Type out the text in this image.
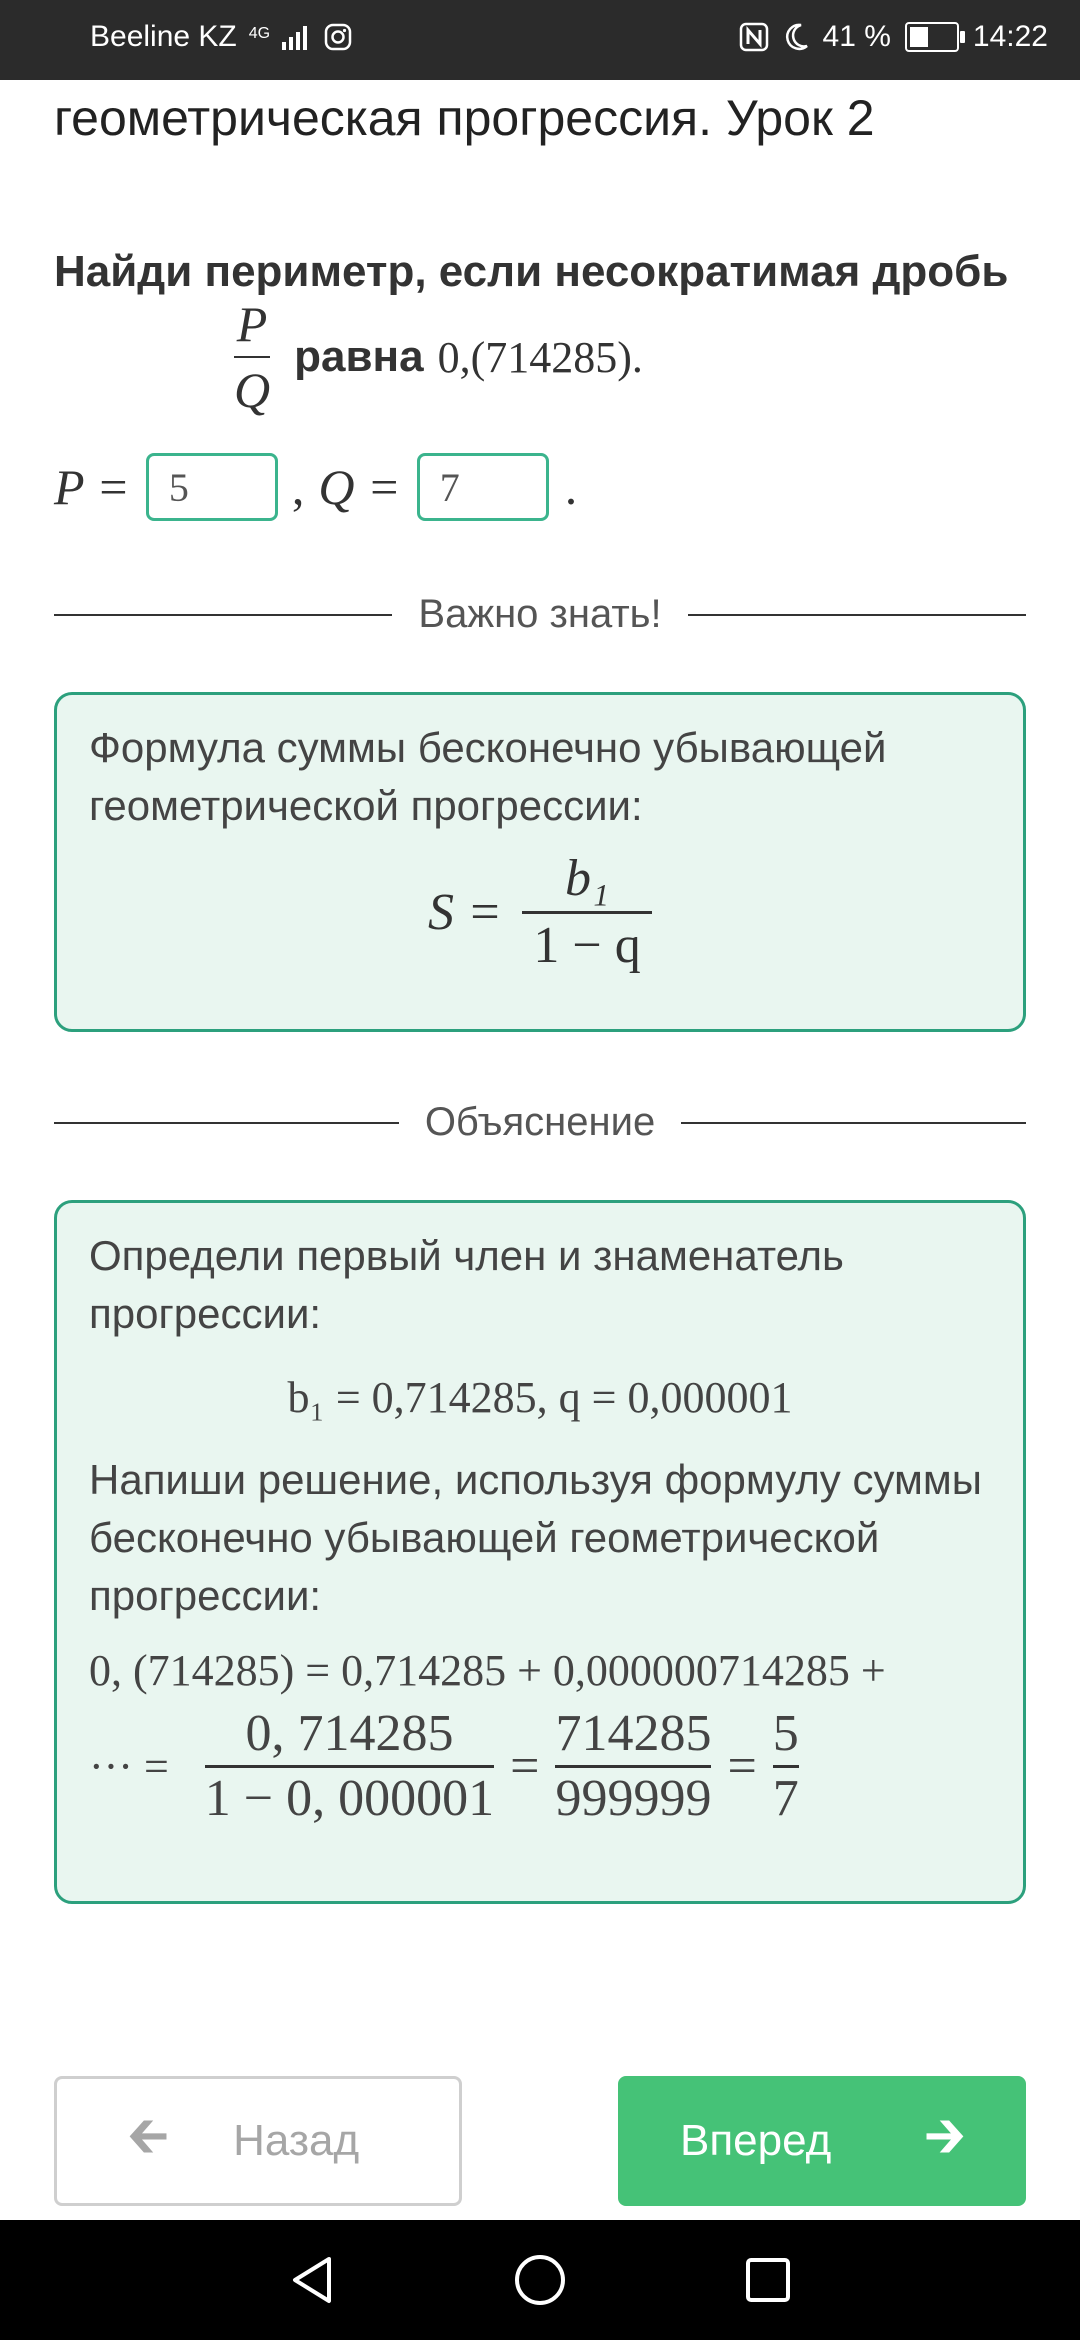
Beeline KZ 4G	41 %	14:22
геометрическая прогрессия. Урок 2
Найди периметр, если несократимая дробь
$\frac{P}{Q}$ равна 0,(714285).
P = 5	, Q = 7	.
Важно знать!
Формула суммы бесконечно убывающей геометрической прогрессии:
$S = \frac{\text{b₁}}{1 - q}$
Объяснение
Определи первый член и знаменатель прогрессии:
b₁ = 0,714285, q = 0,000001
Напиши решение, используя формулу суммы бесконечно убывающей геометрической прогрессии:
0, (714285) = 0,714285 + 0,000000714285 +
··· = $\frac{0, 714285}{1 - 0, 000001} = \frac{714285}{999999} = \frac{5}{7}$
🡰 Назад	Вперед 🡲
